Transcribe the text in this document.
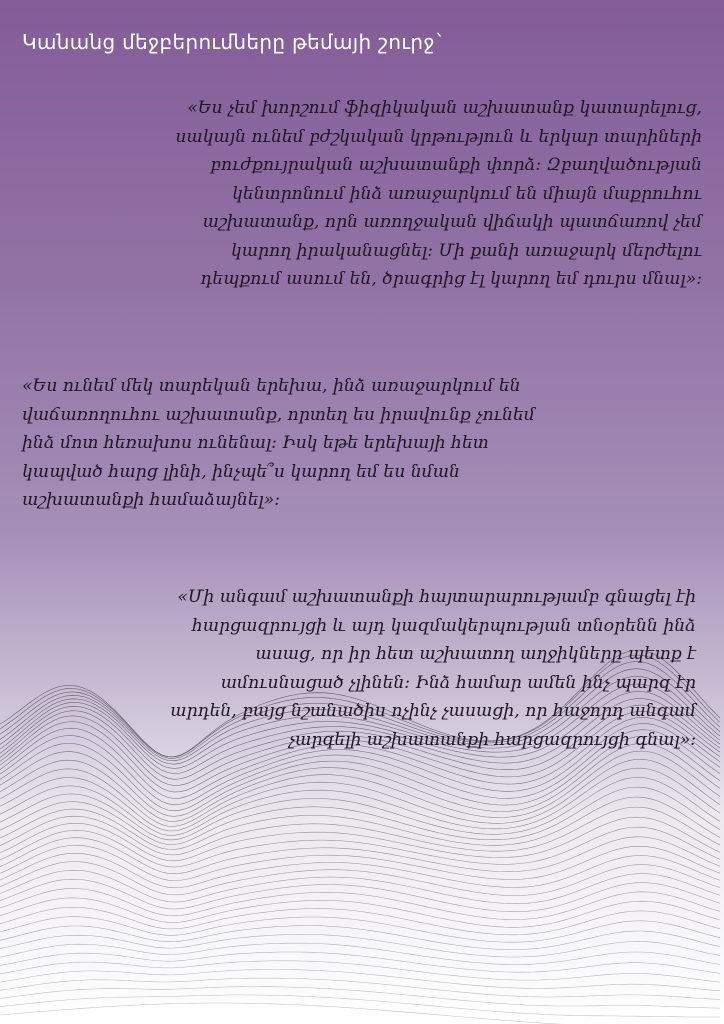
Կանանց մեջբերումները թեմայի շուրջ`
«Ես չեմ խորշում ֆիզիկական աշխատանք կատարելուց,
սակայն ունեմ բժշկական կրթություն և երկար տարիների
բուժքույրական աշխատանքի փորձ: Զբաղվածության
կենտրոնում ինձ առաջարկում են միայն մաքրուհու
աշխատանք, որն առողջական վիճակի պատճառով չեմ
կարող իրականացնել: Մի քանի առաջարկ մերժելու
դեպքում ասում են, ծրագրից էլ կարող եմ դուրս մնալ»:
«Ես ունեմ մեկ տարեկան երեխա, ինձ առաջարկում են
վաճառողուհու աշխատանք, որտեղ ես իրավունք չունեմ
ինձ մոտ հեռախոս ունենալ: Իսկ եթե երեխայի հետ
կապված հարց լինի, ինչպե՞ս կարող եմ ես նման
աշխատանքի համաձայնել»:
«Մի անգամ աշխատանքի հայտարարությամբ գնացել էի
հարցազրույցի և այդ կազմակերպության տնօրենն ինձ
ասաց, որ իր հետ աշխատող աղջիկները պետք է
ամուսնացած չլինեն: Ինձ համար ամեն ինչ պարզ էր
արդեն, բայց նշանածիս ոչինչ չասացի, որ հաջորդ անգամ
չարգելի աշխատանքի հարցազրույցի գնալ»:
